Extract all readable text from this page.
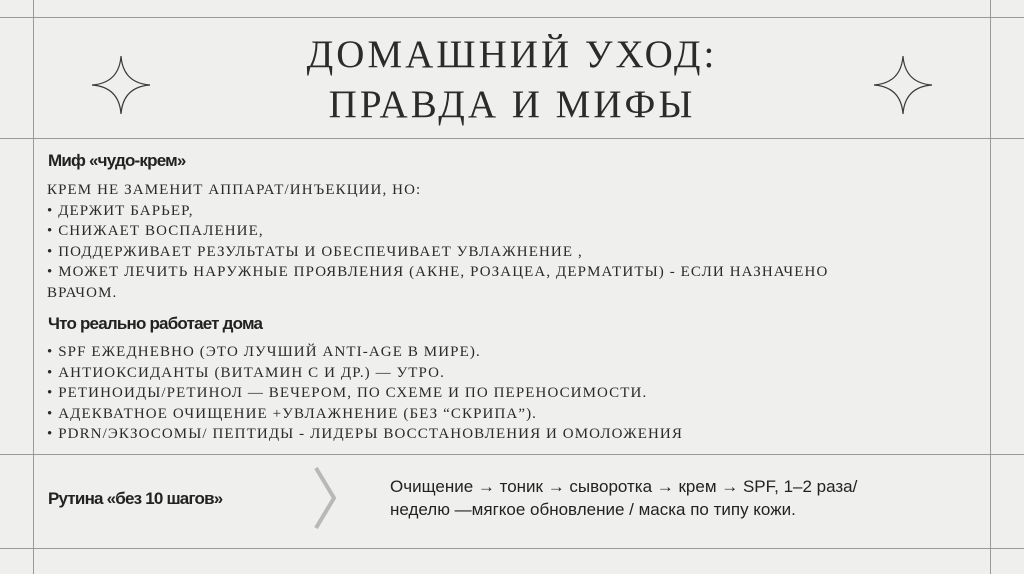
ДОМАШНИЙ УХОД:
ПРАВДА И МИФЫ
Миф «чудо-крем»
КРЕМ НЕ ЗАМЕНИТ АППАРАТ/ИНЪЕКЦИИ, НО:
• ДЕРЖИТ БАРЬЕР,
• СНИЖАЕТ ВОСПАЛЕНИЕ,
• ПОДДЕРЖИВАЕТ РЕЗУЛЬТАТЫ И ОБЕСПЕЧИВАЕТ УВЛАЖНЕНИЕ ,
• МОЖЕТ ЛЕЧИТЬ НАРУЖНЫЕ ПРОЯВЛЕНИЯ (АКНЕ, РОЗАЦЕА, ДЕРМАТИТЫ) - ЕСЛИ НАЗНАЧЕНО
ВРАЧОМ.
Что реально работает дома
• SPF ЕЖЕДНЕВНО (ЭТО ЛУЧШИЙ ANTI-AGE В МИРЕ).
• АНТИОКСИДАНТЫ (ВИТАМИН С И ДР.) — УТРО.
• РЕТИНОИДЫ/РЕТИНОЛ — ВЕЧЕРОМ, ПО СХЕМЕ И ПО ПЕРЕНОСИМОСТИ.
• АДЕКВАТНОЕ ОЧИЩЕНИЕ +УВЛАЖНЕНИЕ (БЕЗ “СКРИПА”).
• PDRN/ЭКЗОСОМЫ/ ПЕПТИДЫ - ЛИДЕРЫ ВОССТАНОВЛЕНИЯ И ОМОЛОЖЕНИЯ
Рутина «без 10 шагов»
Очищение → тоник → сыворотка → крем → SPF, 1–2 раза/
неделю —мягкое обновление / маска по типу кожи.
